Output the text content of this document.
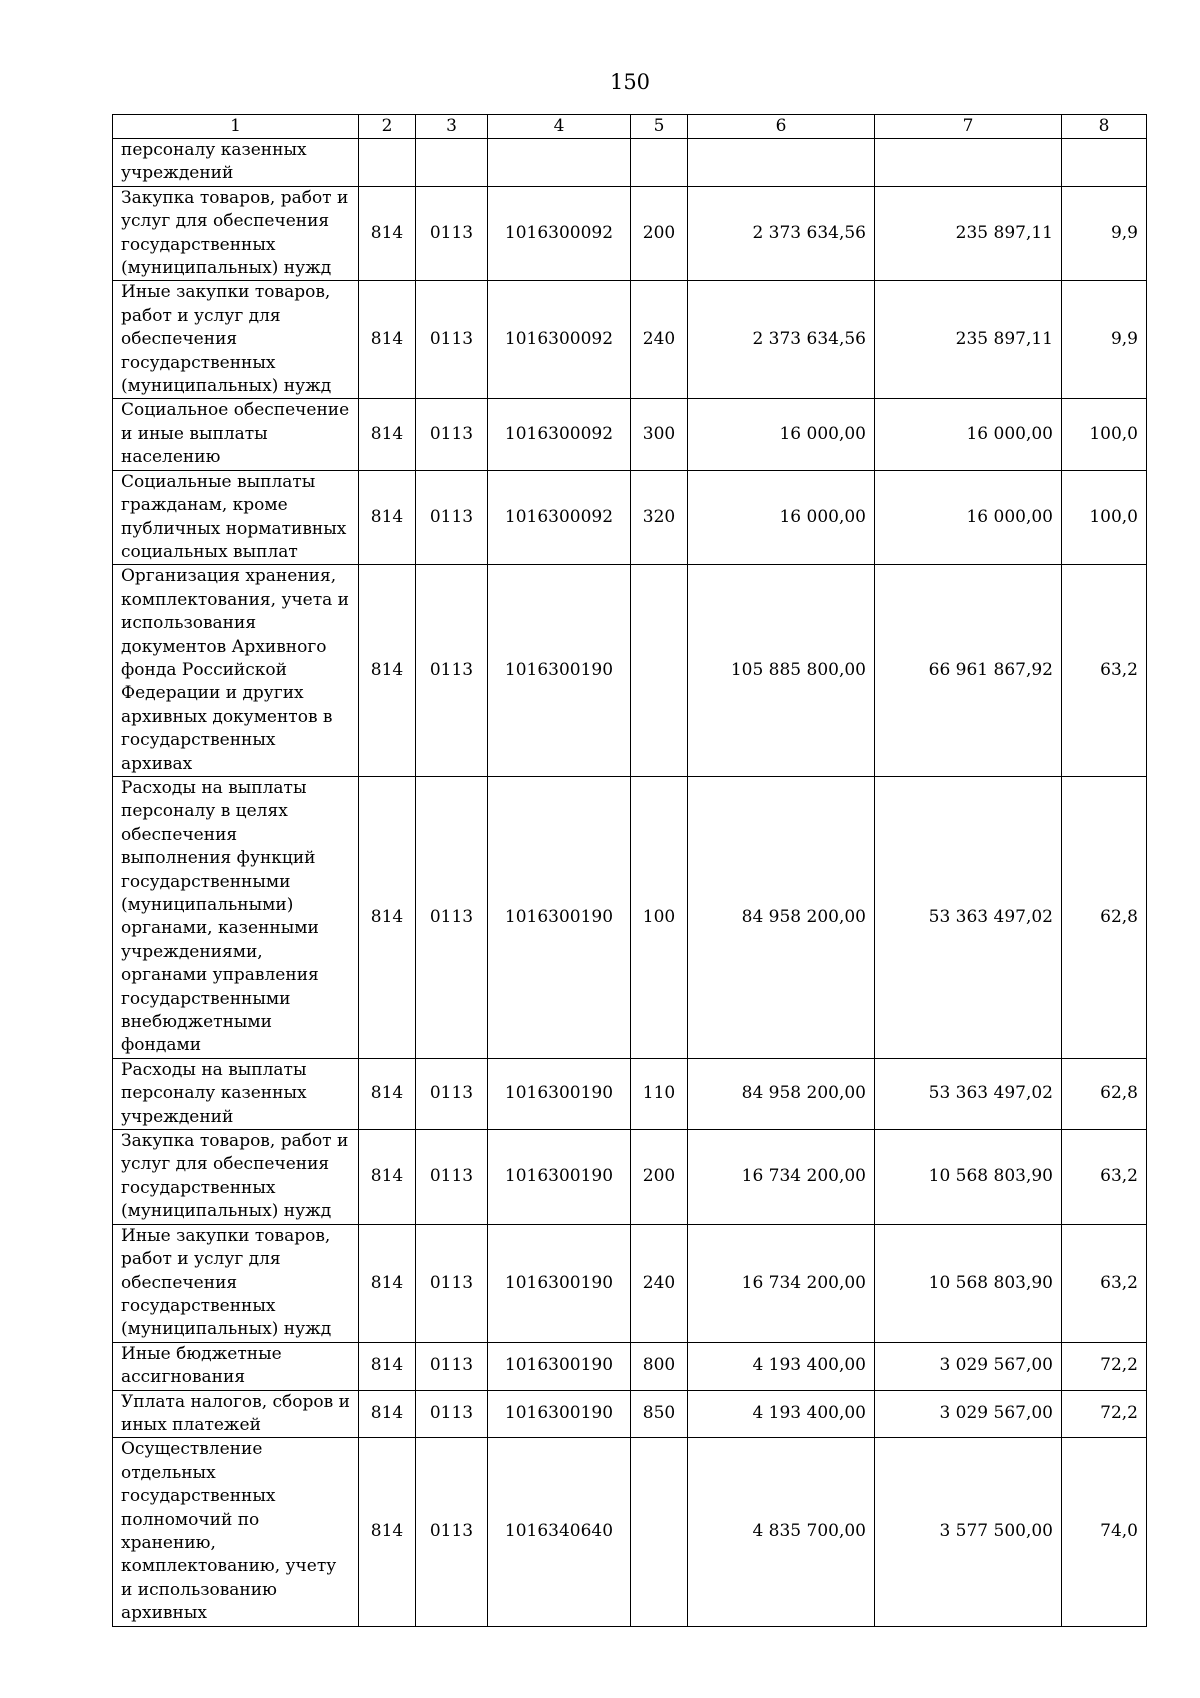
150
1	2	3	4	5	6	7	8
персоналу казенных учреждений							
Закупка товаров, работ и услуг для обеспечения государственных (муниципальных) нужд	814	0113	1016300092	200	2 373 634,56	235 897,11	9,9
Иные закупки товаров, работ и услуг для обеспечения государственных (муниципальных) нужд	814	0113	1016300092	240	2 373 634,56	235 897,11	9,9
Социальное обеспечение и иные выплаты населению	814	0113	1016300092	300	16 000,00	16 000,00	100,0
Социальные выплаты гражданам, кроме публичных нормативных социальных выплат	814	0113	1016300092	320	16 000,00	16 000,00	100,0
Организация хранения, комплектования, учета и использования документов Архивного фонда Российской Федерации и других архивных документов в государственных архивах	814	0113	1016300190		105 885 800,00	66 961 867,92	63,2
Расходы на выплаты персоналу в целях обеспечения выполнения функций государственными (муниципальными) органами, казенными учреждениями, органами управления государственными внебюджетными фондами	814	0113	1016300190	100	84 958 200,00	53 363 497,02	62,8
Расходы на выплаты персоналу казенных учреждений	814	0113	1016300190	110	84 958 200,00	53 363 497,02	62,8
Закупка товаров, работ и услуг для обеспечения государственных (муниципальных) нужд	814	0113	1016300190	200	16 734 200,00	10 568 803,90	63,2
Иные закупки товаров, работ и услуг для обеспечения государственных (муниципальных) нужд	814	0113	1016300190	240	16 734 200,00	10 568 803,90	63,2
Иные бюджетные ассигнования	814	0113	1016300190	800	4 193 400,00	3 029 567,00	72,2
Уплата налогов, сборов и иных платежей	814	0113	1016300190	850	4 193 400,00	3 029 567,00	72,2
Осуществление отдельных государственных полномочий по хранению, комплектованию, учету и использованию архивных	814	0113	1016340640		4 835 700,00	3 577 500,00	74,0
